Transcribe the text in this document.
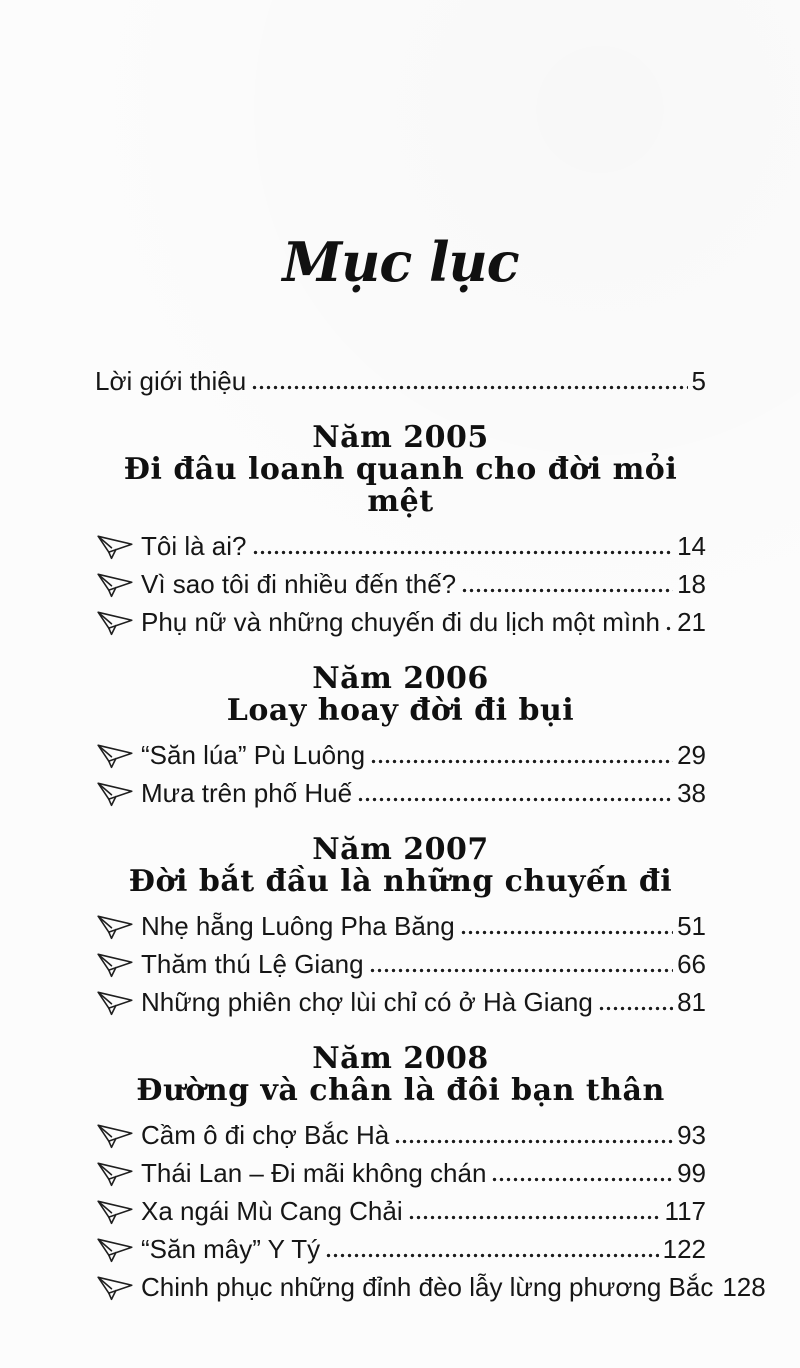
Mục lục
Lời giới thiệu	5
Năm 2005
Đi đâu loanh quanh cho đời mỏi mệt
Tôi là ai?	14
Vì sao tôi đi nhiều đến thế?	18
Phụ nữ và những chuyến đi du lịch một mình 21
Năm 2006
Loay hoay đời đi bụi
“Săn lúa” Pù Luông	29
Mưa trên phố Huế	38
Năm 2007
Đời bắt đầu là những chuyến đi
Nhẹ hẵng Luông Pha Băng	51
Thăm thú Lệ Giang	66
Những phiên chợ lùi chỉ có ở Hà Giang	81
Năm 2008
Đường và chân là đôi bạn thân
Cầm ô đi chợ Bắc Hà	93
Thái Lan – Đi mãi không chán	99
Xa ngái Mù Cang Chải	117
“Săn mây” Y Tý	122
Chinh phục những đỉnh đèo lẫy lừng phương Bắc 128
